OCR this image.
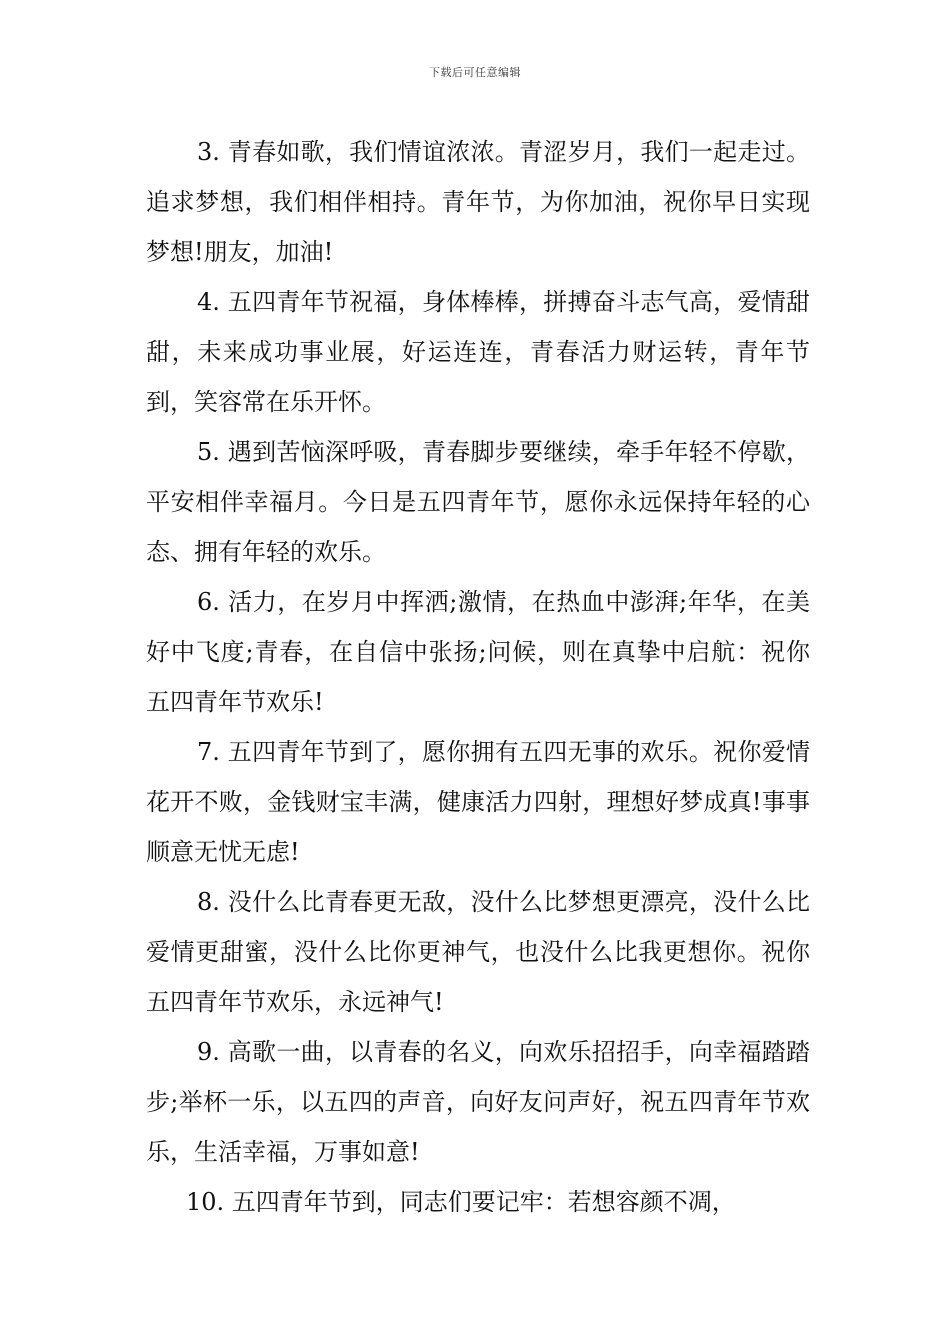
下载后可任意编辑

3. 青春如歌，我们情谊浓浓。青涩岁月，我们一起走过。追求梦想，我们相伴相持。青年节，为你加油，祝你早日实现梦想!朋友，加油!

4. 五四青年节祝福，身体棒棒，拼搏奋斗志气高，爱情甜甜，未来成功事业展，好运连连，青春活力财运转，青年节到，笑容常在乐开怀。

5. 遇到苦恼深呼吸，青春脚步要继续，牵手年轻不停歇，平安相伴幸福月。今日是五四青年节，愿你永远保持年轻的心态、拥有年轻的欢乐。

6. 活力，在岁月中挥洒;激情，在热血中澎湃;年华，在美好中飞度;青春，在自信中张扬;问候，则在真挚中启航：祝你五四青年节欢乐!

7. 五四青年节到了，愿你拥有五四无事的欢乐。祝你爱情花开不败，金钱财宝丰满，健康活力四射，理想好梦成真!事事顺意无忧无虑!

8. 没什么比青春更无敌，没什么比梦想更漂亮，没什么比爱情更甜蜜，没什么比你更神气，也没什么比我更想你。祝你五四青年节欢乐，永远神气!

9. 高歌一曲，以青春的名义，向欢乐招招手，向幸福踏踏步;举杯一乐，以五四的声音，向好友问声好，祝五四青年节欢乐，生活幸福，万事如意!

10. 五四青年节到，同志们要记牢：若想容颜不凋，
